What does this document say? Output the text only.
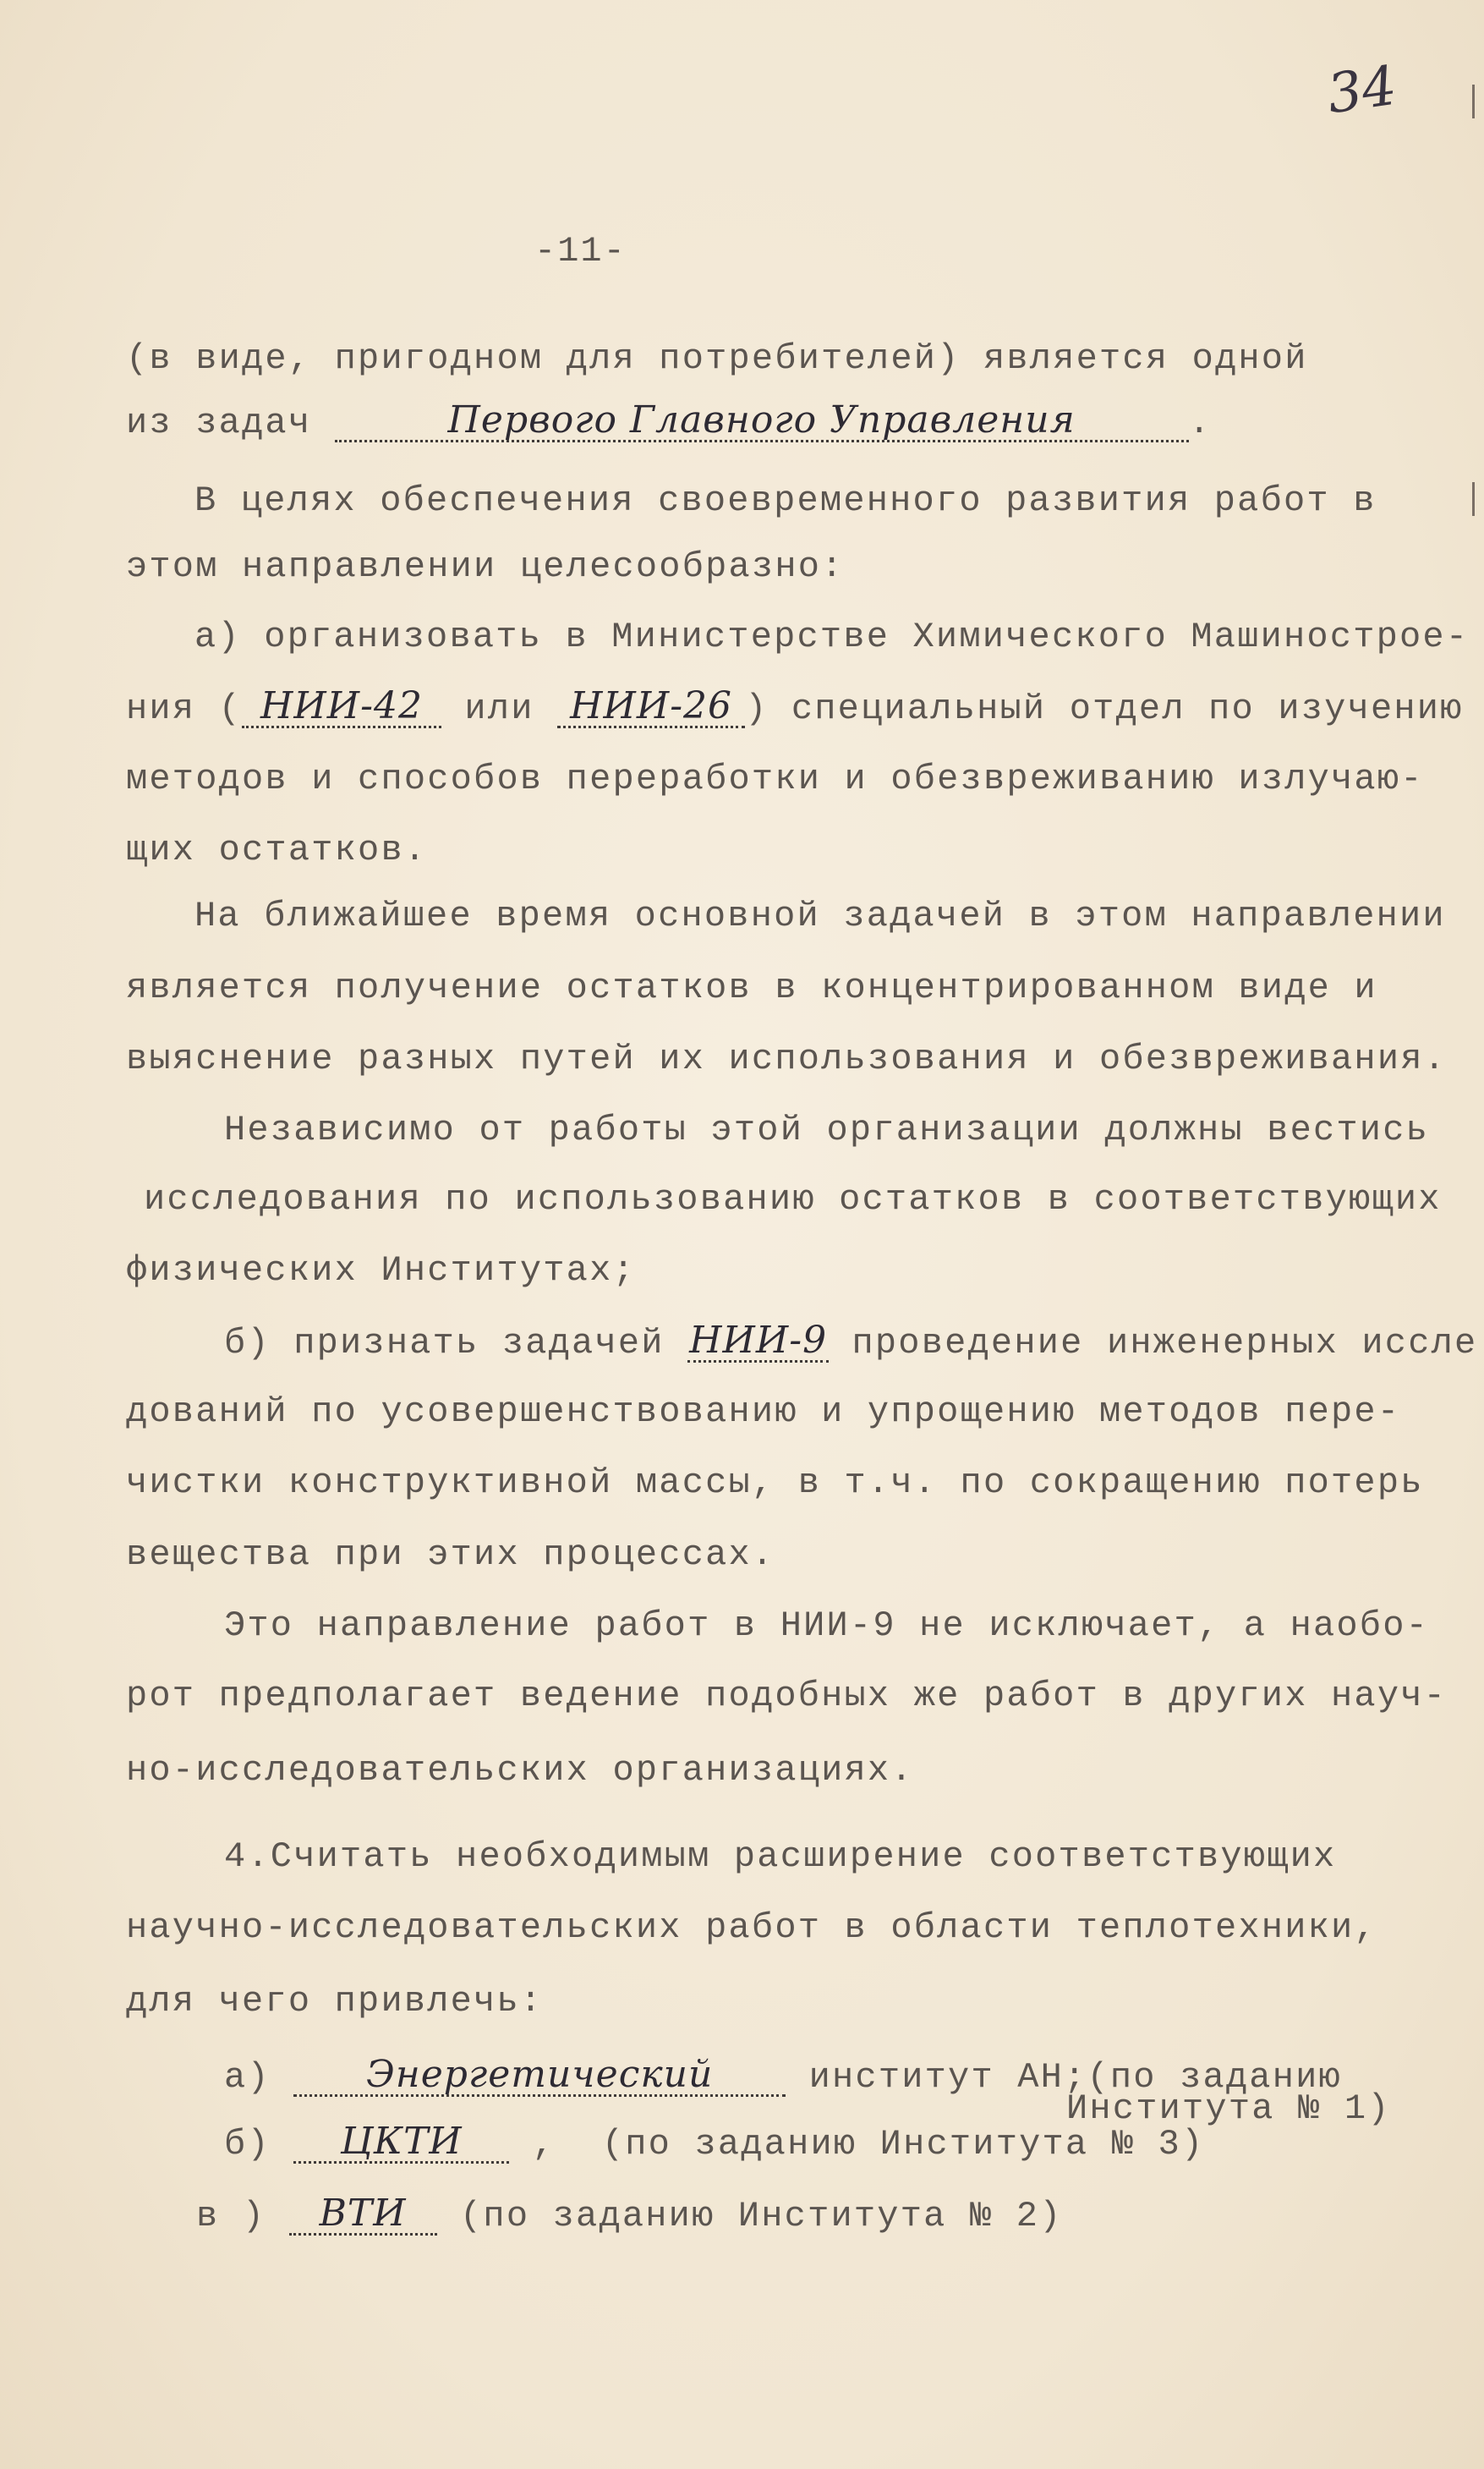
34
-11-
(в виде, пригодном для потребителей) является одной
из задач	Первого Главного Управления	.
В целях обеспечения своевременного развития работ в
этом направлении целесообразно:
а) организовать в Министерстве Химического Машинострое-
ния ( НИИ-42 или НИИ-26 ) специальный отдел по изучению
методов и способов переработки и обезвреживанию излучаю-
щих остатков.
На ближайшее время основной задачей в этом направлении
является получение остатков в концентрированном виде и
выяснение разных путей их использования и обезвреживания.
Независимо от работы этой организации должны вестись
исследования по использованию остатков в соответствующих
физических Институтах;
б) признать задачей НИИ-9 проведение инженерных иссле
дований по усовершенствованию и упрощению методов пере-
чистки конструктивной массы, в т.ч. по сокращению потерь
вещества при этих процессах.
Это направление работ в НИИ-9 не исключает, а наобо-
рот предполагает ведение подобных же работ в других науч-
но-исследовательских организациях.
4.Считать необходимым расширение соответствующих
научно-исследовательских работ в области теплотехники,
для чего привлечь:
а) Энергетический институт АН;(по заданию
Института № 1)
б) ЦКТИ ,  (по заданию Института № 3)
в ) ВТИ (по заданию Института № 2)
